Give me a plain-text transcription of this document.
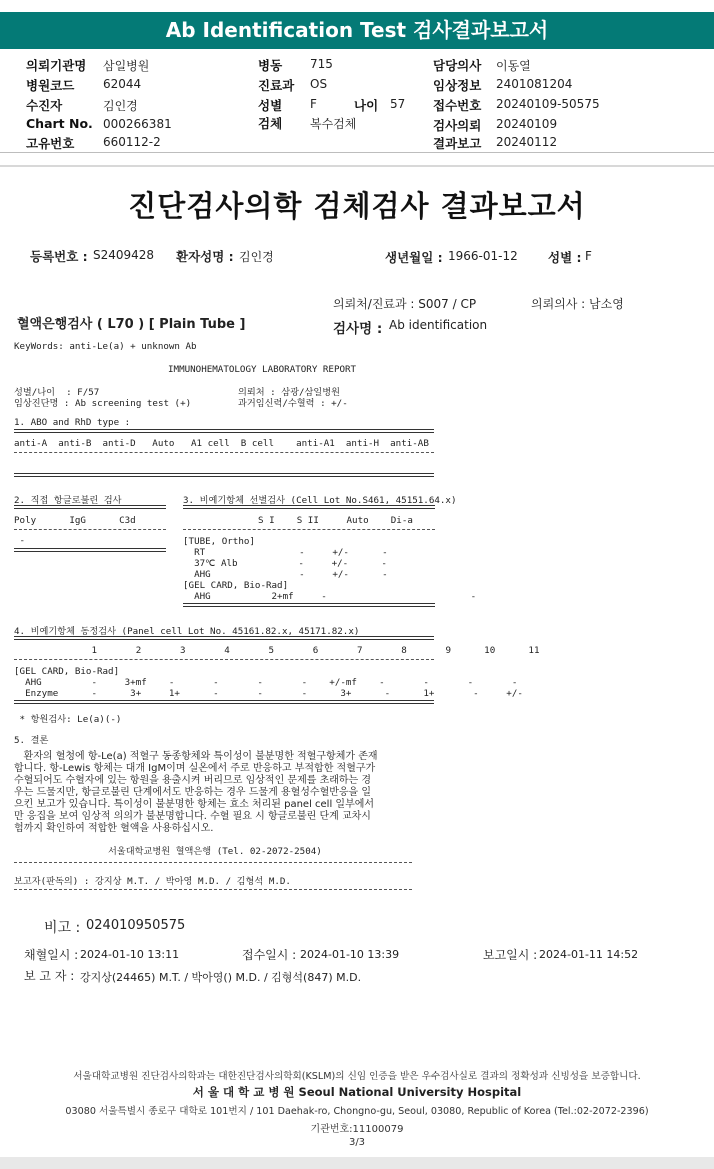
Ab Identification Test 검사결과보고서
의뢰기관명 삼일병원
병원코드 62044
수진자	김인경
Chart No. 000266381
고유번호 660112-2
병동 715
진료과 OS
성별 F	나이 57
검체 복수검체
담당의사 이동열
임상정보 2401081204
접수번호 20240109-50575
검사의뢰 20240109
결과보고 20240112
진단검사의학 검체검사 결과보고서
등록번호 : S2409428 환자성명 : 김인경	생년월일 : 1966-01-12 성별 : F
의뢰처/진료과 : S007 / CP	의뢰의사 : 남소영
혈액은행검사 ( L70 ) [ Plain Tube ]	검사명 : Ab identification
KeyWords: anti-Le(a) + unknown Ab
IMMUNOHEMATOLOGY LABORATORY REPORT
성별/나이  : F/57
임상진단명 : Ab screening test (+)
의뢰처 : 삼광/삼일병원
과거임신력/수혈력 : +/-
1. ABO and RhD type :
anti-A  anti-B  anti-D   Auto   A1 cell  B cell    anti-A1  anti-H  anti-AB
2. 직접 항글로불린 검사
Poly      IgG      C3d
-
3. 비예기항체 선별검사 (Cell Lot No.S461, 45151.64.x)
S I    S II     Auto    Di-a
[TUBE, Ortho]
RT                 -     +/-      -
37℃ Alb           -     +/-      -
AHG                -     +/-      -
[GEL CARD, Bio-Rad]
AHG           2+mf     -                          -
4. 비예기항체 동정검사 (Panel cell Lot No. 45161.82.x, 45171.82.x)
1       2       3       4       5       6       7       8       9      10      11
[GEL CARD, Bio-Rad]
AHG         -     3+mf    -       -       -       -    +/-mf    -       -       -       -
Enzyme      -      3+     1+      -       -       -      3+      -      1+       -     +/-
* 항원검사: Le(a)(-)
5. 결론
환자의 혈청에 항-Le(a) 적혈구 동종항체와 특이성이 불분명한 적혈구항체가 존재
합니다. 항-Lewis 항체는 대개 IgM이며 실온에서 주로 반응하고 부적합한 적혈구가
수혈되어도 수혈자에 있는 항원을 용출시켜 버리므로 임상적인 문제를 초래하는 경
우는 드물지만, 항글로불린 단계에서도 반응하는 경우 드물게 용혈성수혈반응을 일
으킨 보고가 있습니다. 특이성이 불분명한 항체는 효소 처리된 panel cell 일부에서
만 응집을 보여 임상적 의의가 불분명합니다. 수혈 필요 시 항글로불린 단계 교차시
험까지 확인하여 적합한 혈액을 사용하십시오.
서울대학교병원 혈액은행 (Tel. 02-2072-2504)
보고자(판독의) : 강지상 M.T. / 박아영 M.D. / 김형석 M.D.
비고 : 024010950575
채혈일시 : 2024-01-10 13:11	접수일시 : 2024-01-10 13:39	보고일시 : 2024-01-11 14:52
보 고 자 : 강지상(24465) M.T. / 박아영() M.D. / 김형석(847) M.D.
서울대학교병원 진단검사의학과는 대한진단검사의학회(KSLM)의 신임 인증을 받은 우수검사실로 결과의 정확성과 신빙성을 보증합니다.
서 울 대 학 교 병 원 Seoul National University Hospital
03080 서울특별시 종로구 대학로 101번지 / 101 Daehak-ro, Chongno-gu, Seoul, 03080, Republic of Korea (Tel.:02-2072-2396)
기관번호:11100079
3/3
